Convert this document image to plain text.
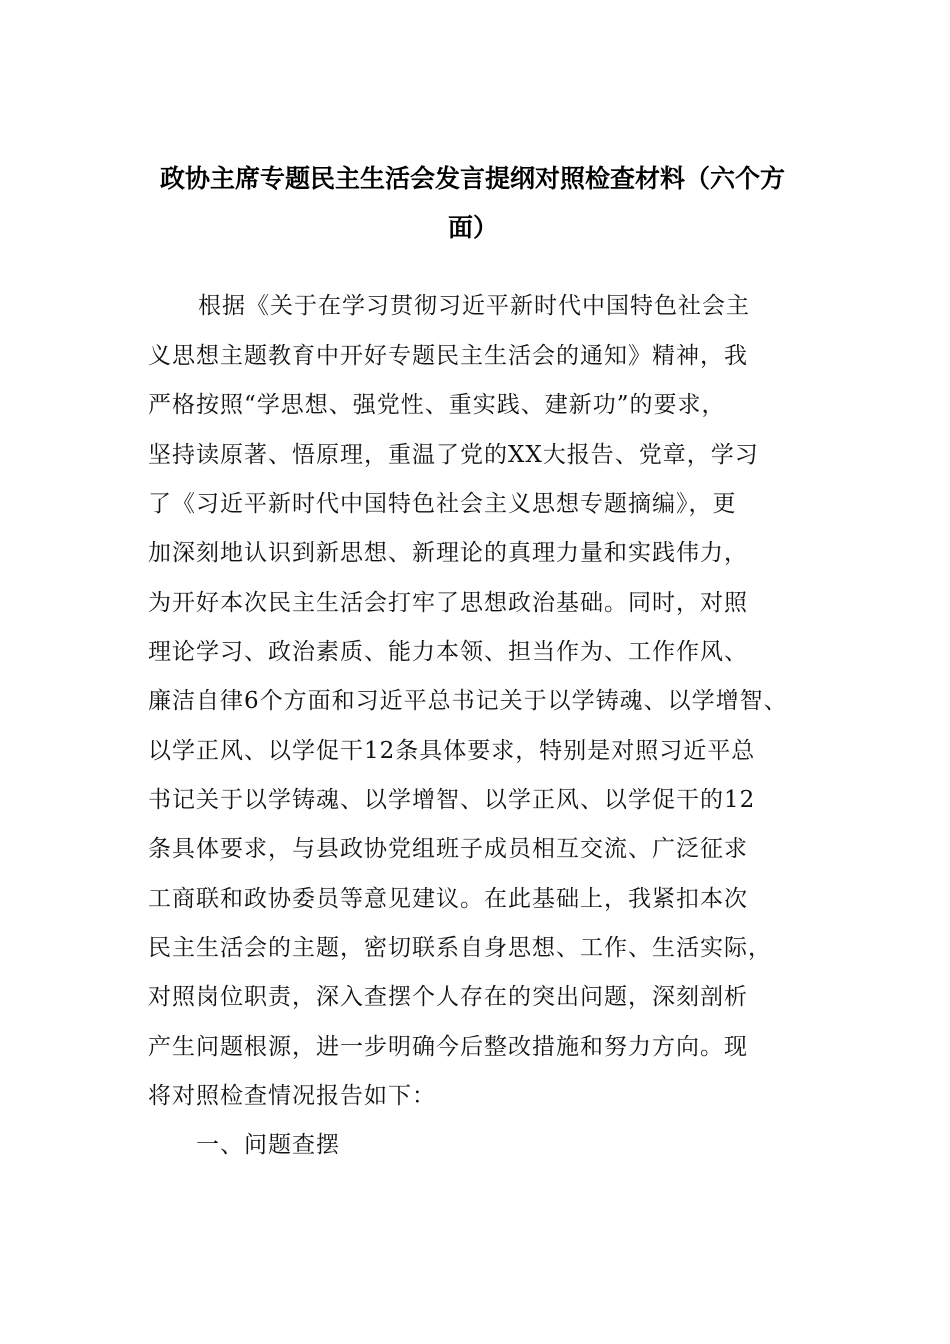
政协主席专题民主生活会发言提纲对照检查材料（六个方
面）
根据《关于在学习贯彻习近平新时代中国特色社会主
义思想主题教育中开好专题民主生活会的通知》精神，我
严格按照“学思想、强党性、重实践、建新功”的要求，
坚持读原著、悟原理，重温了党的XX大报告、党章，学习
了《习近平新时代中国特色社会主义思想专题摘编》，更
加深刻地认识到新思想、新理论的真理力量和实践伟力，
为开好本次民主生活会打牢了思想政治基础。同时，对照
理论学习、政治素质、能力本领、担当作为、工作作风、
廉洁自律6个方面和习近平总书记关于以学铸魂、以学增智、
以学正风、以学促干12条具体要求，特别是对照习近平总
书记关于以学铸魂、以学增智、以学正风、以学促干的12
条具体要求，与县政协党组班子成员相互交流、广泛征求
工商联和政协委员等意见建议。在此基础上，我紧扣本次
民主生活会的主题，密切联系自身思想、工作、生活实际，
对照岗位职责，深入查摆个人存在的突出问题，深刻剖析
产生问题根源，进一步明确今后整改措施和努力方向。现
将对照检查情况报告如下：
一、问题查摆
